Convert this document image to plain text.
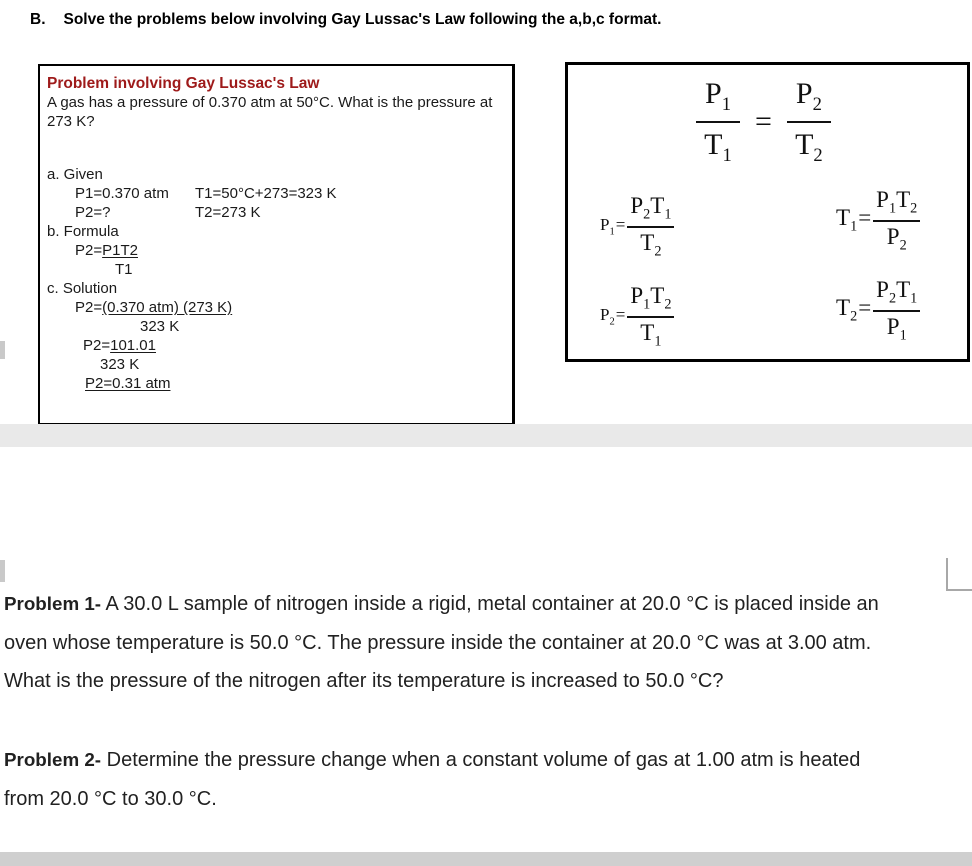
B. Solve the problems below involving Gay Lussac's Law following the a,b,c format.
Problem involving Gay Lussac's Law
A gas has a pressure of 0.370 atm at 50°C. What is the pressure at 273 K?
a. Given
P1=0.370 atm	T1=50°C+273=323 K
P2=?	T2=273 K
b. Formula
P2=P1T2
T1
c. Solution
P2=(0.370 atm) (273 K)
323 K
P2=101.01
323 K
P2=0.31 atm
$\frac{P_1}{T_1} = \frac{P_2}{T_2}$
$P_1= \frac{P_2T_1}{T_2}$
$P_2= \frac{P_1T_2}{T_1}$
$T_1= \frac{P_1T_2}{P_2}$
$T_2= \frac{P_2T_1}{P_1}$

Problem 1- A 30.0 L sample of nitrogen inside a rigid, metal container at 20.0 °C is placed inside an oven whose temperature is 50.0 °C. The pressure inside the container at 20.0 °C was at 3.00 atm. What is the pressure of the nitrogen after its temperature is increased to 50.0 °C?

Problem 2- Determine the pressure change when a constant volume of gas at 1.00 atm is heated from 20.0 °C to 30.0 °C.
